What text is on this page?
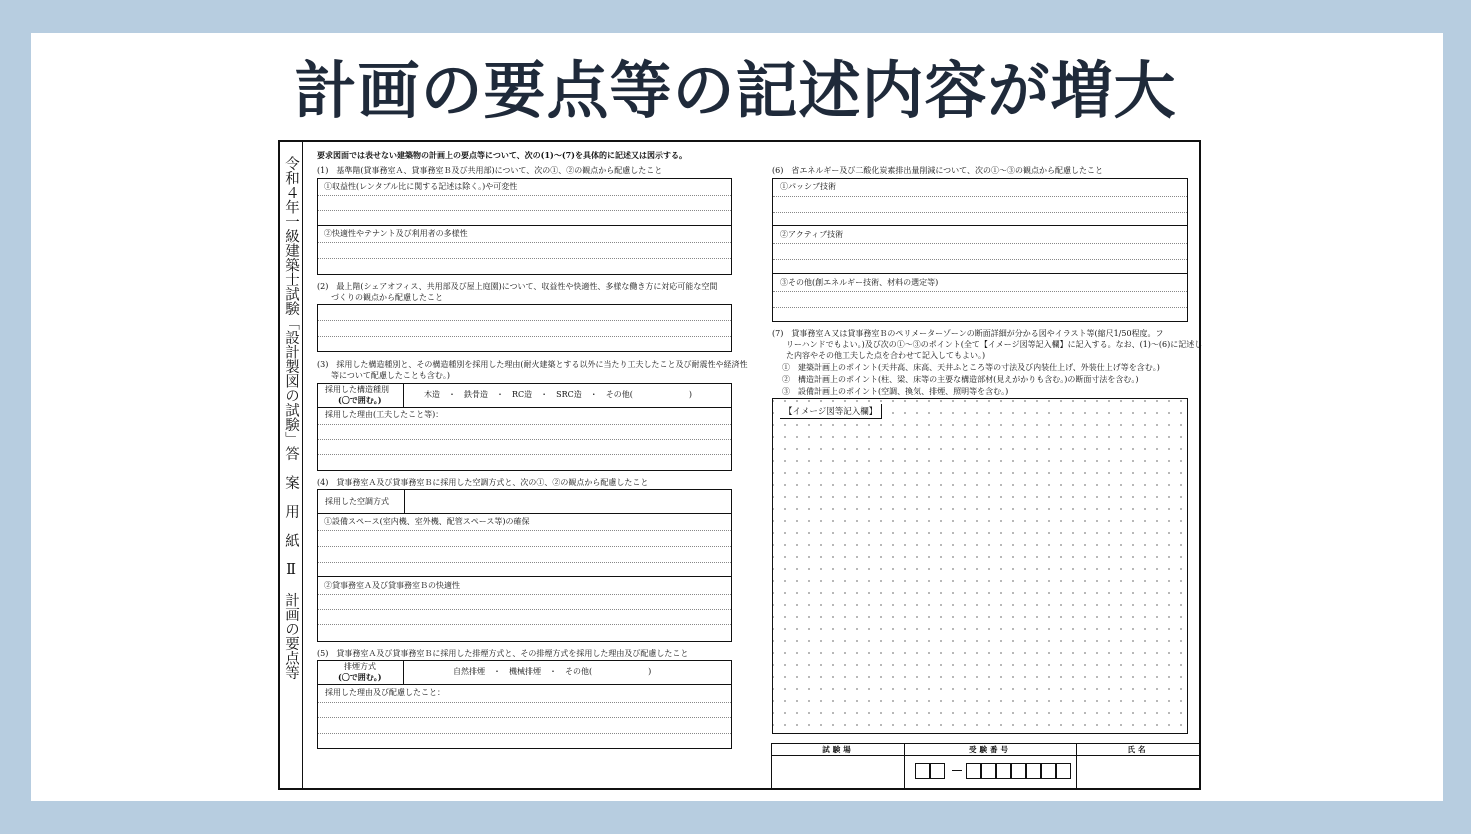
計画の要点等の記述内容が増大
令和４年一級建築士試験「設計製図の試験」答　案　用　紙　Ⅱ　計画の要点等
要求図面では表せない建築物の計画上の要点等について、次の(1)〜(7)を具体的に記述又は図示する。
(1)　基準階(貸事務室Ａ、貸事務室Ｂ及び共用部)について、次の①、②の観点から配慮したこと
①収益性(レンタブル比に関する記述は除く。)や可変性
②快適性やテナント及び利用者の多様性
(2)　最上階(シェアオフィス、共用部及び屋上庭園)について、収益性や快適性、多様な働き方に対応可能な空間
づくりの観点から配慮したこと
(3)　採用した構造種別と、その構造種別を採用した理由(耐火建築とする以外に当たり工夫したこと及び耐震性や経済性
等について配慮したことも含む。)
採用した構造種別
(〇で囲む。)
木造　・　鉄骨造　・　RC造　・　SRC造　・　その他(　　　　　　　)
採用した理由(工夫したこと等)：
(4)　貸事務室Ａ及び貸事務室Ｂに採用した空調方式と、次の①、②の観点から配慮したこと
採用した空調方式
①設備スペース(室内機、室外機、配管スペース等)の確保
②貸事務室Ａ及び貸事務室Ｂの快適性
(5)　貸事務室Ａ及び貸事務室Ｂに採用した排煙方式と、その排煙方式を採用した理由及び配慮したこと
排煙方式
(〇で囲む。)
自然排煙　・　機械排煙　・　その他(　　　　　　　)
採用した理由及び配慮したこと：
(6)　省エネルギー及び二酸化炭素排出量削減について、次の①〜③の観点から配慮したこと
①パッシブ技術
②アクティブ技術
③その他(創エネルギー技術、材料の選定等)
(7)　貸事務室Ａ又は貸事務室Ｂのペリメーターゾーンの断面詳細が分かる図やイラスト等(縮尺1/50程度。フ
リーハンドでもよい。)及び次の①〜③のポイント(全て【イメージ図等記入欄】に記入する。なお、(1)〜(6)に記述し
た内容やその他工夫した点を合わせて記入してもよい。)
①　建築計画上のポイント(天井高、床高、天井ふところ等の寸法及び内装仕上げ、外装仕上げ等を含む。)
②　構造計画上のポイント(柱、梁、床等の主要な構造部材(見えがかりも含む。)の断面寸法を含む。)
③　設備計画上のポイント(空調、換気、排煙、照明等を含む。)
【イメージ図等記入欄】
試験場	受験番号	氏名
